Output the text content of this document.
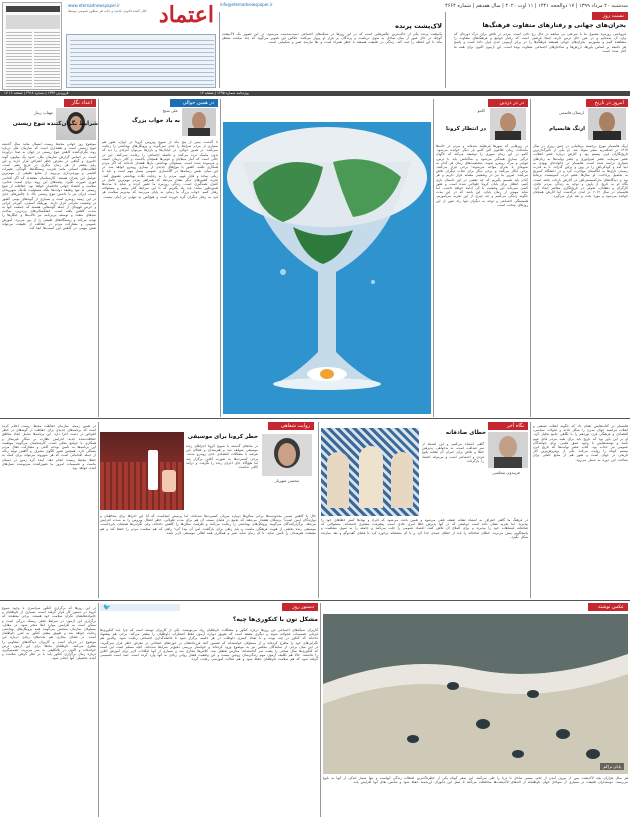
www.etemadnewspaper.ir
آغاز کننده قانون، تجدید و چاپ هر به‌طور عمومی توسط اعتماد	سه‌شنبه ۲۰ مرداد ۱۳۹۹ | ۱۷ ذوالحجه ۱۴۴۱ | ۱۱ اوت ۲۰۲۰ | سال هفدهم | شماره ۴۶۶۴
info@etemadnewspaper.ir
۱۷ فروردین ۱۳۹۳ | شماره ۲۹۱۸ | صفحه ۱۶	ویژه‌نامه شماره ۱۴۹۵ | صفحه ۱۲
نسبت روز
بحران‌های جهانی و رفتارهای متفاوت فرهنگ‌ها
فروپاشی روزمره معمول ما با سرعتی بی سابقه در حال رخ دادن است. مردم در تلاش برای درک دوره‌ای که وارد آن شده‌ایم و در عین حال ترس دارند. اینجا فرصتی است که رفتار جوامع و فرهنگ‌های متفاوت را مشاهده کنیم و بیاموزیم. بحران‌های جهانی همیشه فرهنگ‌ها را در برابر آزمونی جدی قرار داده است و پاسخ هر جامعه بر اساس باورها، ارزش‌ها و ساختارهای اجتماعی متفاوت بوده است. این آزمون اکنون برای همه ما آغاز شده است.
لاک‌پشت پرنده
یک‌پشت پرنده یکی از جالب‌ترین عکس‌هایی است که در این روزها در شبکه‌های اجتماعی دست‌به‌دست می‌شود. در این تصویر یک لاک‌پشت کوچک در حال عبور از میان ساحل به سوی دریاست و پرندگان بر فراز او پرواز می‌کنند. عکاس این تصویر می‌گوید که چند ساعت منتظر ماند تا این لحظه را ثبت کند. زندگی در طبیعت همیشه با خطر همراه است و بقا نیازمند صبر و شکیبایی است.
اعداد نگار
مهتاب زیبار
شرایط نگران‌کننده تنوع زیستی
موضوع روز جهانی محیط زیست امسال مانند سال گذشته تنوع زیستی است و هشداری است که سازمان ملل درباره روند نگران‌کننده کاهش تنوع زیستی در جهان به صدا درآورده است. بر اساس گزارش سازمان ملل، حدود یک میلیون گونه جانوری و گیاهی در معرض خطر انقراض قرار دارند و این رقم بیشتر از هر زمان دیگری در تاریخ بشر است. فعالیت‌های انسانی مانند تخریب زیستگاه‌ها، آلودگی، تغییرات اقلیمی و بهره‌برداری بی‌رویه از منابع طبیعی از مهم‌ترین عوامل این بحران هستند. کارشناسان معتقدند که اگر اقدامی فوری صورت نگیرد، پیامدهای این روند برای امنیت غذایی، سلامت و اقتصاد جهانی فاجعه‌بار خواهد بود. حفاظت از تنوع زیستی نه تنها وظیفه دولت‌ها بلکه مسئولیت تک‌تک شهروندان است. ایران نیز با داشتن تنوع زیستی بالا، با چالش‌های جدی در این زمینه روبه‌رو است و بسیاری از گونه‌های بومی کشور در وضعیت بحرانی قرار دارند. یوزپلنگ آسیایی، گورخر ایرانی و خرس قهوه‌ای از جمله گونه‌هایی هستند که جمعیت آنها به شدت کاهش یافته است. خشکسالی‌های پی‌درپی، ساخت سدهای متعدد و توسعه بی‌برنامه نیز تالاب‌ها و جنگل‌ها را تهدید می‌کند و زیستگاه‌های طبیعی را از بین می‌برد. آموزش عمومی و مشارکت مردم در حفاظت از طبیعت می‌تواند نقش مهمی در کاهش این آسیب‌ها ایفا کند.
در همین حوالی
علی شیخ
به باد خواب بزرگ
با گذشت بیش از پنج ماه از شیوع ویروس کرونا در ایران، هنوز هم بسیاری از مردم شرایط را جدی نمی‌گیرند و پروتکل‌های بهداشتی را رعایت نمی‌کنند. در همین حوالی، در خیابان‌ها و بازارها می‌توان افرادی را دید که بدون ماسک تردد می‌کنند و فاصله اجتماعی را رعایت نمی‌کنند. این در حالی است که آمار مبتلایان و فوتی‌ها همچنان بالاست و کادر درمان خسته و فرسوده شده است. مسئولان بهداشتی بارها هشدار داده‌اند که اگر مردم همکاری نکنند، کشور با موج‌های جدیدی از بیماری روبه‌رو خواهد شد. در این میان، نقش رسانه‌ها در آگاه‌سازی عمومی بسیار مهم است و باید با زبانی ساده و قابل فهم، مردم را به رعایت نکات بهداشتی تشویق کنند. تجربه کشورهای دیگر نشان می‌دهد که همراهی مردم مهم‌ترین عامل در کنترل همه‌گیری است. زندگی روزمره ما تغییر کرده و شاید تا مدت‌ها همین‌طور بماند؛ باید یاد بگیریم که با این شرایط کنار بیاییم و مسئولانه رفتار کنیم. خواب بزرگ ما زمانی به پایان می‌رسد که بپذیریم سلامت هر فرد به رفتار دیگران گره خورده است و هیچ‌کس به تنهایی در امان نیست.
در در دردین
کامو
در انتظار کرونا
در روزهایی که شهرها قرنطینه شده‌اند و مردم در خانه‌ها مانده‌اند، رمان طاعون آلبر کامو بار دیگر خوانده می‌شود. کامو در این رمان شهری را توصیف می‌کند که ناگهان درگیر بیماری همه‌گیر می‌شود و ساکنانش باید با ترس، تنهایی و مرگ روبه‌رو شوند. شخصیت‌های رمان هر کدام به شیوه‌ای با بحران مواجه می‌شوند؛ برخی فرار می‌کنند، برخی انکار می‌کنند و برخی دیگر برای نجات دیگران تلاش می‌کنند. امروز ما نیز در وضعیتی مشابه قرار داریم و هر کدام باید تصمیم بگیریم که چه نقشی در این داستان بازی کنیم. انتظار برای پایان کرونا طولانی شده است و هنوز کسی نمی‌داند این وضعیت تا کی ادامه خواهد داشت. اما شاید مهم‌تر از زمان پایان، این باشد که در این مدت چگونه زندگی می‌کنیم و چه چیزی از این تجربه می‌آموزیم. همبستگی اجتماعی و توجه به دیگران تنها راه عبور از این روزهای سخت است.
امروز در تاریخ
ارسلان قاسمی
ارنگ هابسیام
اریک هابسبام مورخ برجسته بریتانیایی در چنین روزی در سال ۱۹۱۷ در اسکندریه مصر متولد شد. او یکی از تأثیرگذارترین تاریخ‌نگاران قرن بیستم بود و آثارش درباره عصر انقلاب، عصر سرمایه، عصر امپراتوری و عصر نهایت‌ها به زبان‌های بسیاری ترجمه شده است. هابسبام در خانواده‌ای یهودی به دنیا آمد و کودکی‌اش را در وین و برلین گذراند. با به قدرت رسیدن نازی‌ها به انگلستان مهاجرت کرد و در دانشگاه کمبریج به تحصیل پرداخت. او سال‌ها عضو حزب کمونیست بریتانیا بود و دیدگاه‌های مارکسیستی‌اش در آثارش بازتاب یافته است. نگاه او به تاریخ از پایین و توجه به زندگی مردم عادی، کارگران و دهقانان، تحولی در تاریخ‌نگاری معاصر ایجاد کرد. هابسبام در سال ۲۰۱۲ در لندن درگذشت اما آثارش همچنان خوانده می‌شود و مورد بحث و نقد قرار می‌گیرد.
در همین زمینه، سازمان حفاظت محیط زیست اعلام کرده است که برنامه‌های جدیدی برای حفاظت از گونه‌های در خطر انقراض در دست اجرا دارد. این برنامه‌ها شامل ایجاد مناطق حفاظت‌شده جدید، افزایش نظارت بر شکار غیرمجاز و همکاری با جوامع محلی است. کارشناسان می‌گویند موفقیت این برنامه‌ها به تأمین بودجه کافی و مشارکت فعال مردم بستگی دارد. همچنین تغییر الگوی مصرف و کاهش تولید زباله از جمله اقداماتی است که هر شهروند می‌تواند برای کمک به حفظ محیط زیست انجام دهد. آینده کره زمین در دستان ماست و تصمیمات امروز ما تعیین‌کننده سرنوشت نسل‌های آینده خواهد بود.
روایت شفاهی
محسن شهریار
خطر کرونا برای موسیقی
در ماه‌های گذشته با شیوع کرونا اجراهای زنده موسیقی متوقف شد و هنرمندان و فعالان این عرصه با مشکلات اقتصادی جدی روبه‌رو شدند. برخی کنسرت‌ها به صورت آنلاین برگزار شد اما هیچ‌گاه جای اجرای زنده را نگرفت و درآمد کافی نداشت.
حال با کاهش نسبی محدودیت‌ها برخی سالن‌ها دوباره میزبان کنسرت‌ها شده‌اند، اما پرسش اینجاست که آیا این اجراها برای مخاطبان و نوازندگان ایمن است؟ پزشکان هشدار می‌دهند که تجمع در فضای بسته، آن هم برای مدت طولانی، خطر انتقال ویروس را به شدت افزایش می‌دهد. برگزارکنندگان می‌گویند پروتکل‌های بهداشتی را رعایت می‌کنند و ظرفیت سالن‌ها را کاهش داده‌اند، ولی نگرانی‌ها همچنان پابرجاست. موسیقی زنده بخشی از هویت فرهنگی ماست و باید راهی برای بازگشت امن آن پیدا کرد؛ راهی که هم سلامت مردم را حفظ کند و هم معیشت هنرمندان را تأمین نماید. تا آن زمان شاید صبر و همکاری همه اهالی موسیقی لازم باشد.
نگاه آخر
فریبدون مجلسی
خطای صادقانه
گاهی اشتباه می‌کنیم و این اشتباه از سر صداقت است، نه بدخواهی. پذیرفتن خطا و تلاش برای جبران آن نشانه بلوغ فردی و اجتماعی است و می‌تواند اعتماد را بازگرداند.
در فرهنگ ما گاهی اعتراف به اشتباه نشانه ضعف تلقی می‌شود و همین باعث می‌شود که افراد و نهادها کمتر خطاهای خود را بپذیرند. اما تجربه نشان داده است جوامعی که در آنها پذیرش خطا امری عادی است، پیشرفت بیشتری داشته‌اند. مسئولانی که صادقانه اشتباهات خود را بپذیرند و برای اصلاح آن تلاش کنند، اعتماد عمومی را جلب می‌کنند و جامعه را به سوی شفافیت و پاسخگویی پیش می‌برند. خطای صادقانه را باید از خطای عمدی جدا کرد و با آن منصفانه برخورد کرد تا فضای گفت‌وگو و نقد سازنده شکل بگیرد.
هابسبام در کتاب‌هایش نشان داد که چگونه انقلاب صنعتی و انقلاب فرانسه جهان مدرن را شکل دادند و تحولات سیاسی، اقتصادی و فرهنگی قرن نوزدهم را با نگاهی جامع تحلیل کرد. او بر این باور بود که تاریخ باید برای همه مردم قابل فهم باشد و نوشته‌هایش با وجود عمق علمی، برای خوانندگان عمومی نیز جذاب بود. کتاب عصر نهایت‌ها که تاریخ قرن بیستم کوتاه را روایت می‌کند، یکی از پرفروش‌ترین آثار تاریخی در جهان است و هنوز هم از منابع اصلی برای شناخت این دوره به شمار می‌رود.
دستور روز
مشکل تون با کنکوری‌ها چیه؟
🐦
در این روزها که برگزاری کنکور سراسری با وجود شیوع کرونا در دستور کار قرار گرفته است، بسیاری از داوطلبان و خانواده‌هایشان نگران سلامت خود هستند. برخی معتقدند که برگزاری این آزمون در شرایط فعلی ریسک بزرگی است و ممکن است به افزایش موارد ابتلا منجر شود. در مقابل، مسئولان سازمان سنجش می‌گویند همه پروتکل‌های بهداشتی رعایت خواهد شد و تعویق بیشتر کنکور به ضرر داوطلبان است. در فضای مجازی هم بحث‌های زیادی درباره این موضوع در جریان است و کاربران دیدگاه‌های متفاوتی را مطرح می‌کنند. داوطلبان ماه‌ها برای این آزمون درس خوانده‌اند و اکنون در بلاتکلیفی به سر می‌برند. تصمیم‌گیری درباره زمان برگزاری کنکور باید با در نظر گرفتن سلامت و آینده تحصیلی آنها انجام شود.
کاربران شبکه‌های اجتماعی این روزها درباره کنکور و مشکلات داوطلبان زیاد می‌نویسند. یکی از کاربران نوشته است که چرا باید کنکوری‌ها قربانی تصمیمات عجولانه شوند و دیگری معتقد است که تعویق دوباره آزمون فقط اضطراب داوطلبان را بیشتر می‌کند. برخی هم پیشنهاد داده‌اند که کنکور در چند نوبت و با تعداد کمتری داوطلب در هر جلسه برگزار شود تا فاصله‌گذاری اجتماعی رعایت شود. والدین هم نگرانی‌های خود را مطرح کرده‌اند و از مسئولان خواسته‌اند که تضمین کنند فرزندانشان در حوزه‌های امتحانی در معرض خطر قرار نمی‌گیرند. در این میان برخی از نمایندگان مجلس نیز به موضوع ورود کرده‌اند و خواستار بررسی دقیق‌تر شرایط شده‌اند. آنچه مسلم است این است که کنکوری‌ها سال سختی را پشت سر گذاشته‌اند؛ مدارس تعطیل شد، کلاس‌ها مجازی شد و بسیاری از آنها امکانات لازم برای آموزش آنلاین را نداشتند. حالا هم تکلیف آزمون مهم زندگی‌شان روشن نیست و این وضعیت فشار روانی زیادی به آنها وارد کرده است. امید است تصمیمی گرفته شود که هم سلامت داوطلبان حفظ شود و هم عدالت آموزشی رعایت گردد.
عکس نوشته
پایان تراکم
هر سال هزاران بچه لاک‌پشت پس از بیرون آمدن از تخم، مسیر ساحل تا دریا را طی می‌کنند. این سفر کوتاه یکی از خطرناک‌ترین لحظات زندگی آنهاست و تنها شمار اندکی از آنها به بلوغ می‌رسند. دوستداران طبیعت در بسیاری از سواحل جهان داوطلبانه از لانه‌های لاک‌پشت‌ها محافظت می‌کنند تا نسل این جانوران ارزشمند حفظ شود و شانس بقای آنها افزایش یابد.
